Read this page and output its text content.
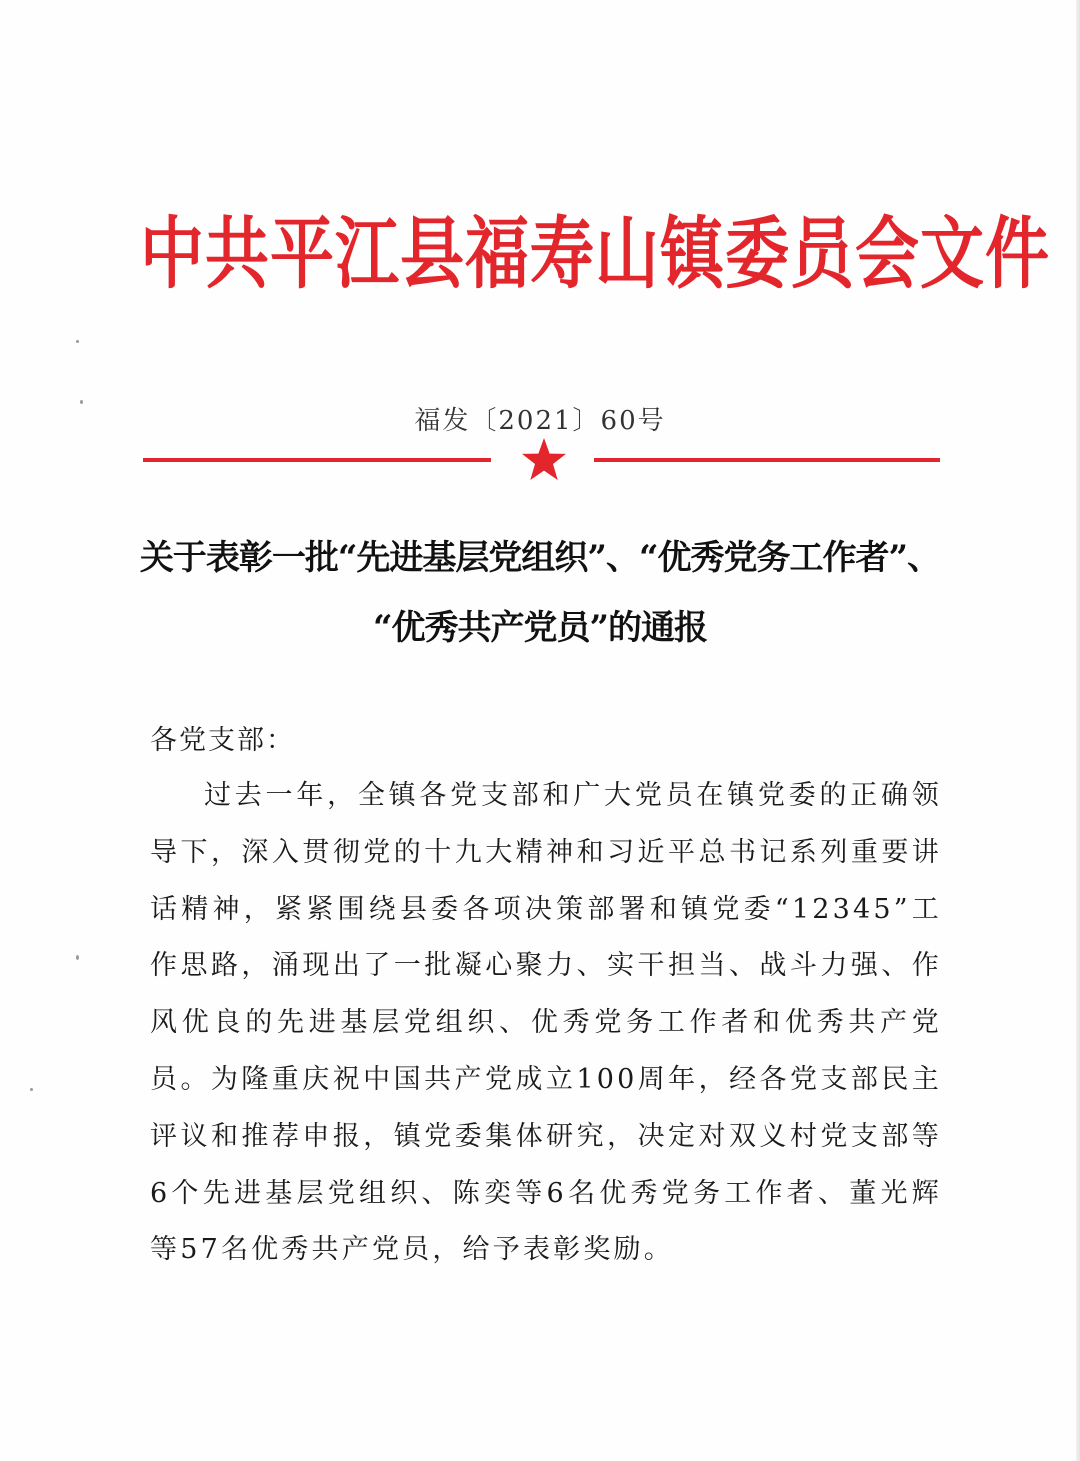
中共平江县福寿山镇委员会文件
福发〔2021〕60号
关于表彰一批“先进基层党组织”、“优秀党务工作者”、
“优秀共产党员”的通报
各党支部：
过去一年，全镇各党支部和广大党员在镇党委的正确领导下，深入贯彻党的十九大精神和习近平总书记系列重要讲话精神，紧紧围绕县委各项决策部署和镇党委“12345”工作思路，涌现出了一批凝心聚力、实干担当、战斗力强、作风优良的先进基层党组织、优秀党务工作者和优秀共产党员。为隆重庆祝中国共产党成立100周年，经各党支部民主评议和推荐申报，镇党委集体研究，决定对双义村党支部等6个先进基层党组织、陈奕等6名优秀党务工作者、董光辉等57名优秀共产党员，给予表彰奖励。
